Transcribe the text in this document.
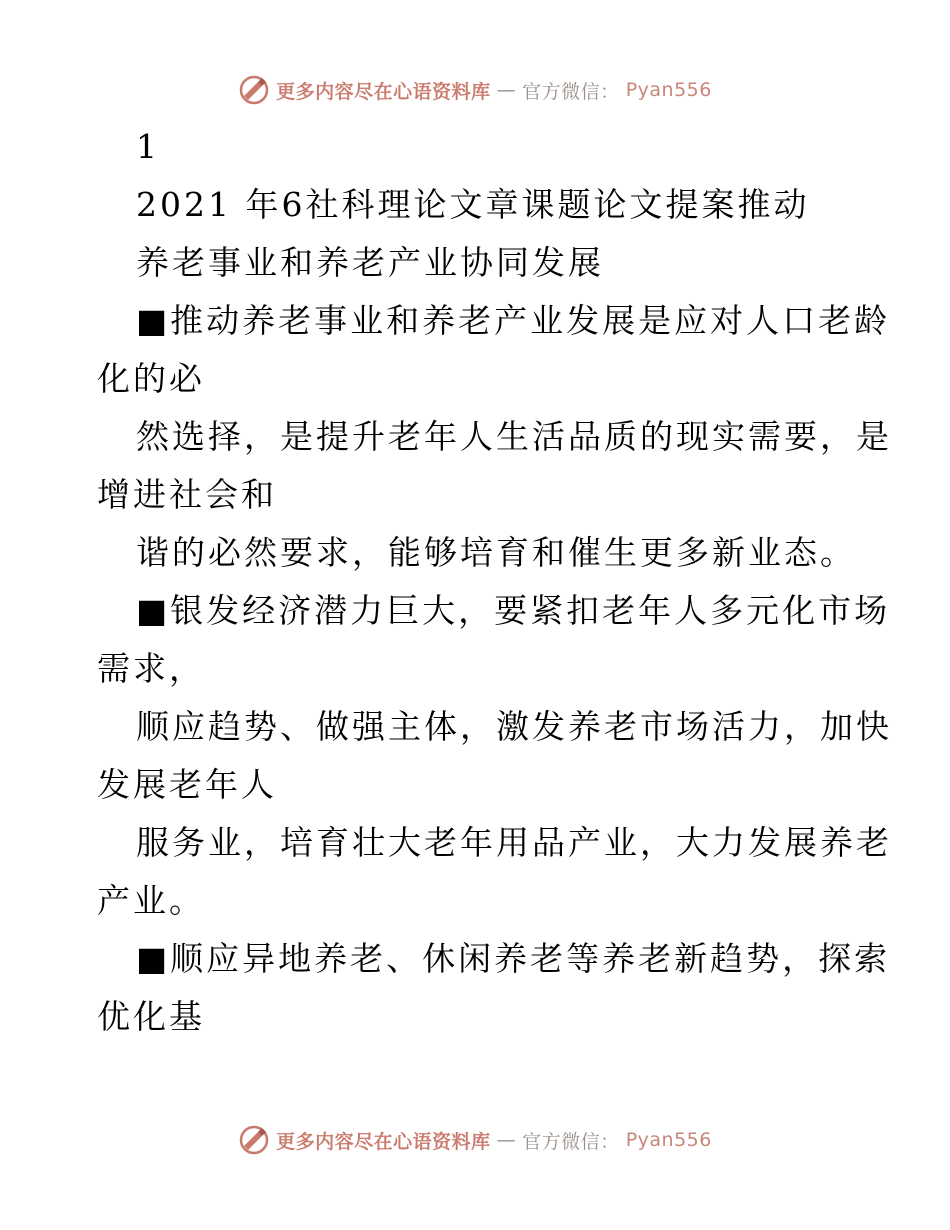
更多内容尽在心语资料库 — 官方微信： Pyan556
1
2021 年6社科理论文章课题论文提案推动
养老事业和养老产业协同发展
■推动养老事业和养老产业发展是应对人口老龄
化的必
然选择，是提升老年人生活品质的现实需要，是
增进社会和
谐的必然要求，能够培育和催生更多新业态。
■银发经济潜力巨大，要紧扣老年人多元化市场
需求，
顺应趋势、做强主体，激发养老市场活力，加快
发展老年人
服务业，培育壮大老年用品产业，大力发展养老
产业。
■顺应异地养老、休闲养老等养老新趋势，探索
优化基
更多内容尽在心语资料库 — 官方微信： Pyan556
